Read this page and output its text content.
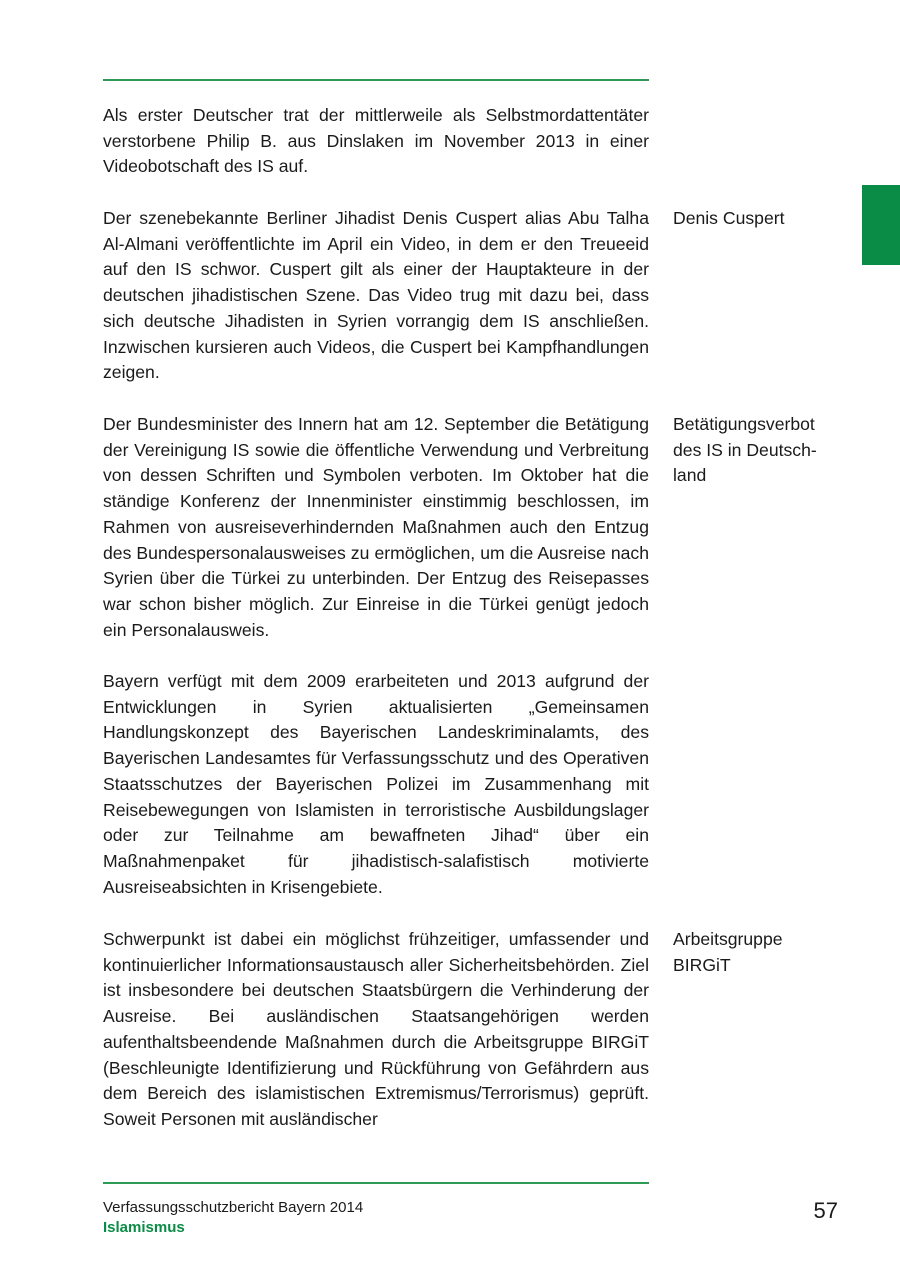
Als erster Deutscher trat der mittlerweile als Selbstmordattentäter verstorbene Philip B. aus Dinslaken im November 2013 in einer Videobotschaft des IS auf.

Der szenebekannte Berliner Jihadist Denis Cuspert alias Abu Talha Al-Almani veröffentlichte im April ein Video, in dem er den Treueeid auf den IS schwor. Cuspert gilt als einer der Hauptakteure in der deutschen jihadistischen Szene. Das Video trug mit dazu bei, dass sich deutsche Jihadisten in Syrien vorrangig dem IS anschließen. Inzwischen kursieren auch Videos, die Cuspert bei Kampfhandlungen zeigen.

Denis Cuspert

Der Bundesminister des Innern hat am 12. September die Betätigung der Vereinigung IS sowie die öffentliche Verwendung und Verbreitung von dessen Schriften und Symbolen verboten. Im Oktober hat die ständige Konferenz der Innenminister einstimmig beschlossen, im Rahmen von ausreiseverhindernden Maßnahmen auch den Entzug des Bundespersonalausweises zu ermöglichen, um die Ausreise nach Syrien über die Türkei zu unterbinden. Der Entzug des Reisepasses war schon bisher möglich. Zur Einreise in die Türkei genügt jedoch ein Personalausweis.

Betätigungsverbot des IS in Deutschland

Bayern verfügt mit dem 2009 erarbeiteten und 2013 aufgrund der Entwicklungen in Syrien aktualisierten „Gemeinsamen Handlungskonzept des Bayerischen Landeskriminalamts, des Bayerischen Landesamtes für Verfassungsschutz und des Operativen Staatsschutzes der Bayerischen Polizei im Zusammenhang mit Reisebewegungen von Islamisten in terroristische Ausbildungslager oder zur Teilnahme am bewaffneten Jihad“ über ein Maßnahmenpaket für jihadistisch-salafistisch motivierte Ausreiseabsichten in Krisengebiete.

Schwerpunkt ist dabei ein möglichst frühzeitiger, umfassender und kontinuierlicher Informationsaustausch aller Sicherheitsbehörden. Ziel ist insbesondere bei deutschen Staatsbürgern die Verhinderung der Ausreise. Bei ausländischen Staatsangehörigen werden aufenthaltsbeendende Maßnahmen durch die Arbeitsgruppe BIRGiT (Beschleunigte Identifizierung und Rückführung von Gefährdern aus dem Bereich des islamistischen Extremismus/Terrorismus) geprüft. Soweit Personen mit ausländischer

Arbeitsgruppe BIRGiT

Verfassungsschutzbericht Bayern 2014
Islamismus
57
